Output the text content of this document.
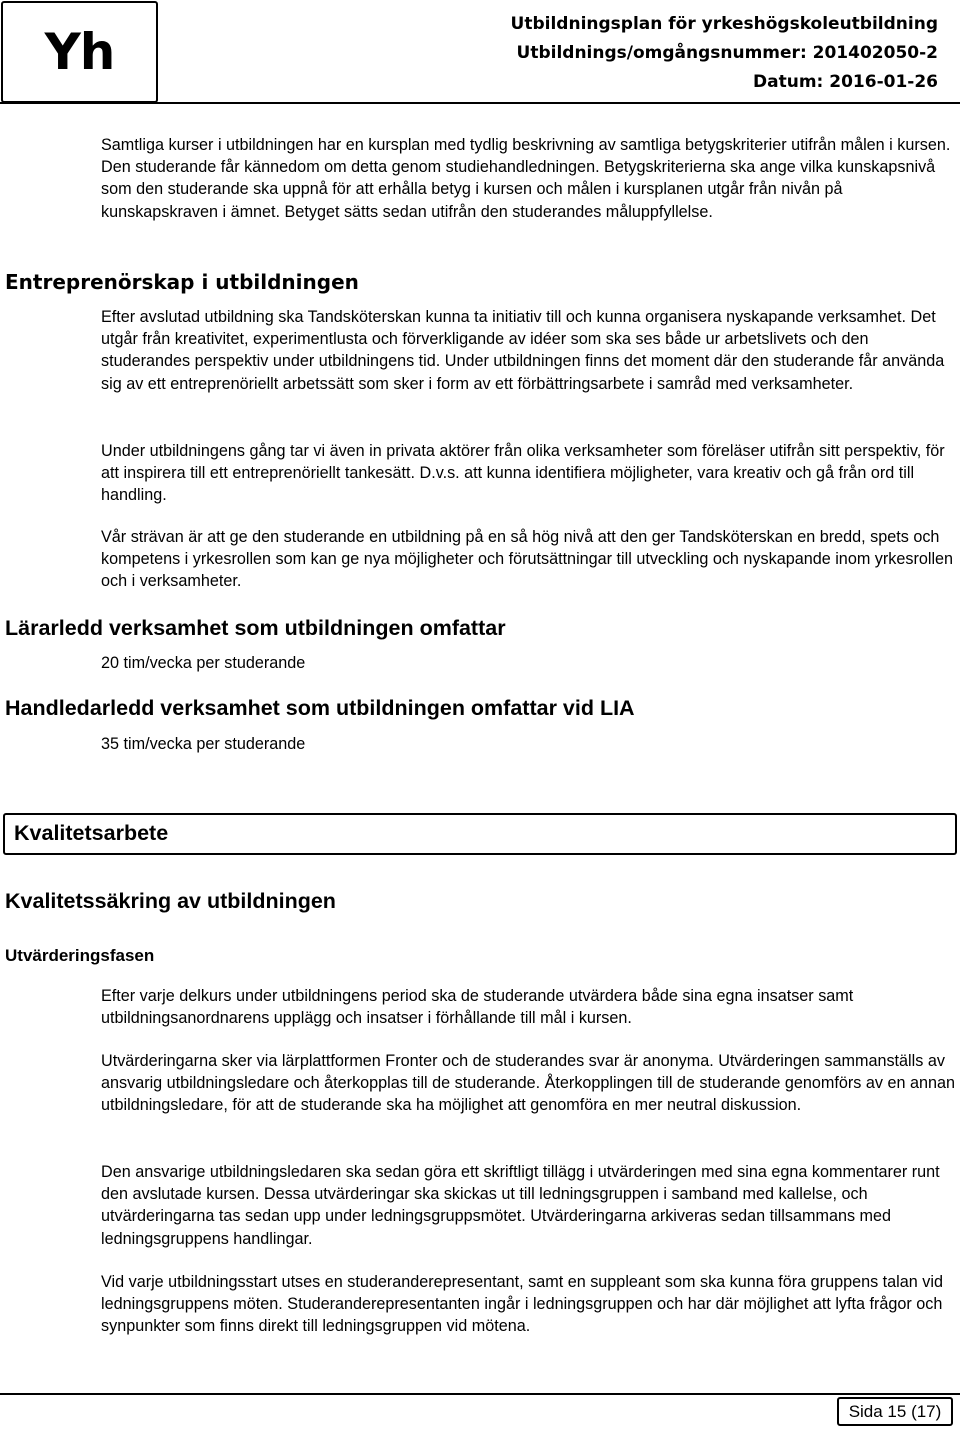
Yh	Utbildningsplan för yrkeshögskoleutbildning
Utbildnings/omgångsnummer: 201402050-2
Datum: 2016-01-26

Samtliga kurser i utbildningen har en kursplan med tydlig beskrivning av samtliga betygskriterier utifrån målen i kursen. Den studerande får kännedom om detta genom studiehandledningen. Betygskriterierna ska ange vilka kunskapsnivå som den studerande ska uppnå för att erhålla betyg i kursen och målen i kursplanen utgår från nivån på kunskapskraven i ämnet. Betyget sätts sedan utifrån den studerandes måluppfyllelse.

Entreprenörskap i utbildningen

Efter avslutad utbildning ska Tandsköterskan kunna ta initiativ till och kunna organisera nyskapande verksamhet. Det utgår från kreativitet, experimentlusta och förverkligande av idéer som ska ses både ur arbetslivets och den studerandes perspektiv under utbildningens tid. Under utbildningen finns det moment där den studerande får använda sig av ett entreprenöriellt arbetssätt som sker i form av ett förbättringsarbete i samråd med verksamheter.

Under utbildningens gång tar vi även in privata aktörer från olika verksamheter som föreläser utifrån sitt perspektiv, för att inspirera till ett entreprenöriellt tankesätt. D.v.s. att kunna identifiera möjligheter, vara kreativ och gå från ord till handling.

Vår strävan är att ge den studerande en utbildning på en så hög nivå att den ger Tandsköterskan en bredd, spets och kompetens i yrkesrollen som kan ge nya möjligheter och förutsättningar till utveckling och nyskapande inom yrkesrollen och i verksamheter.

Lärarledd verksamhet som utbildningen omfattar

20 tim/vecka per studerande

Handledarledd verksamhet som utbildningen omfattar vid LIA

35 tim/vecka per studerande

Kvalitetsarbete
Kvalitetssäkring av utbildningen
Utvärderingsfasen

Efter varje delkurs under utbildningens period ska de studerande utvärdera både sina egna insatser samt utbildningsanordnarens upplägg och insatser i förhållande till mål i kursen.

Utvärderingarna sker via lärplattformen Fronter och de studerandes svar är anonyma. Utvärderingen sammanställs av ansvarig utbildningsledare och återkopplas till de studerande. Återkopplingen till de studerande genomförs av en annan utbildningsledare, för att de studerande ska ha möjlighet att genomföra en mer neutral diskussion.

Den ansvarige utbildningsledaren ska sedan göra ett skriftligt tillägg i utvärderingen med sina egna kommentarer runt den avslutade kursen. Dessa utvärderingar ska skickas ut till ledningsgruppen i samband med kallelse, och utvärderingarna tas sedan upp under ledningsgruppsmötet. Utvärderingarna arkiveras sedan tillsammans med ledningsgruppens handlingar.

Vid varje utbildningsstart utses en studeranderepresentant, samt en suppleant som ska kunna föra gruppens talan vid ledningsgruppens möten. Studeranderepresentanten ingår i ledningsgruppen och har där möjlighet att lyfta frågor och synpunkter som finns direkt till ledningsgruppen vid mötena.

Sida 15 (17)
